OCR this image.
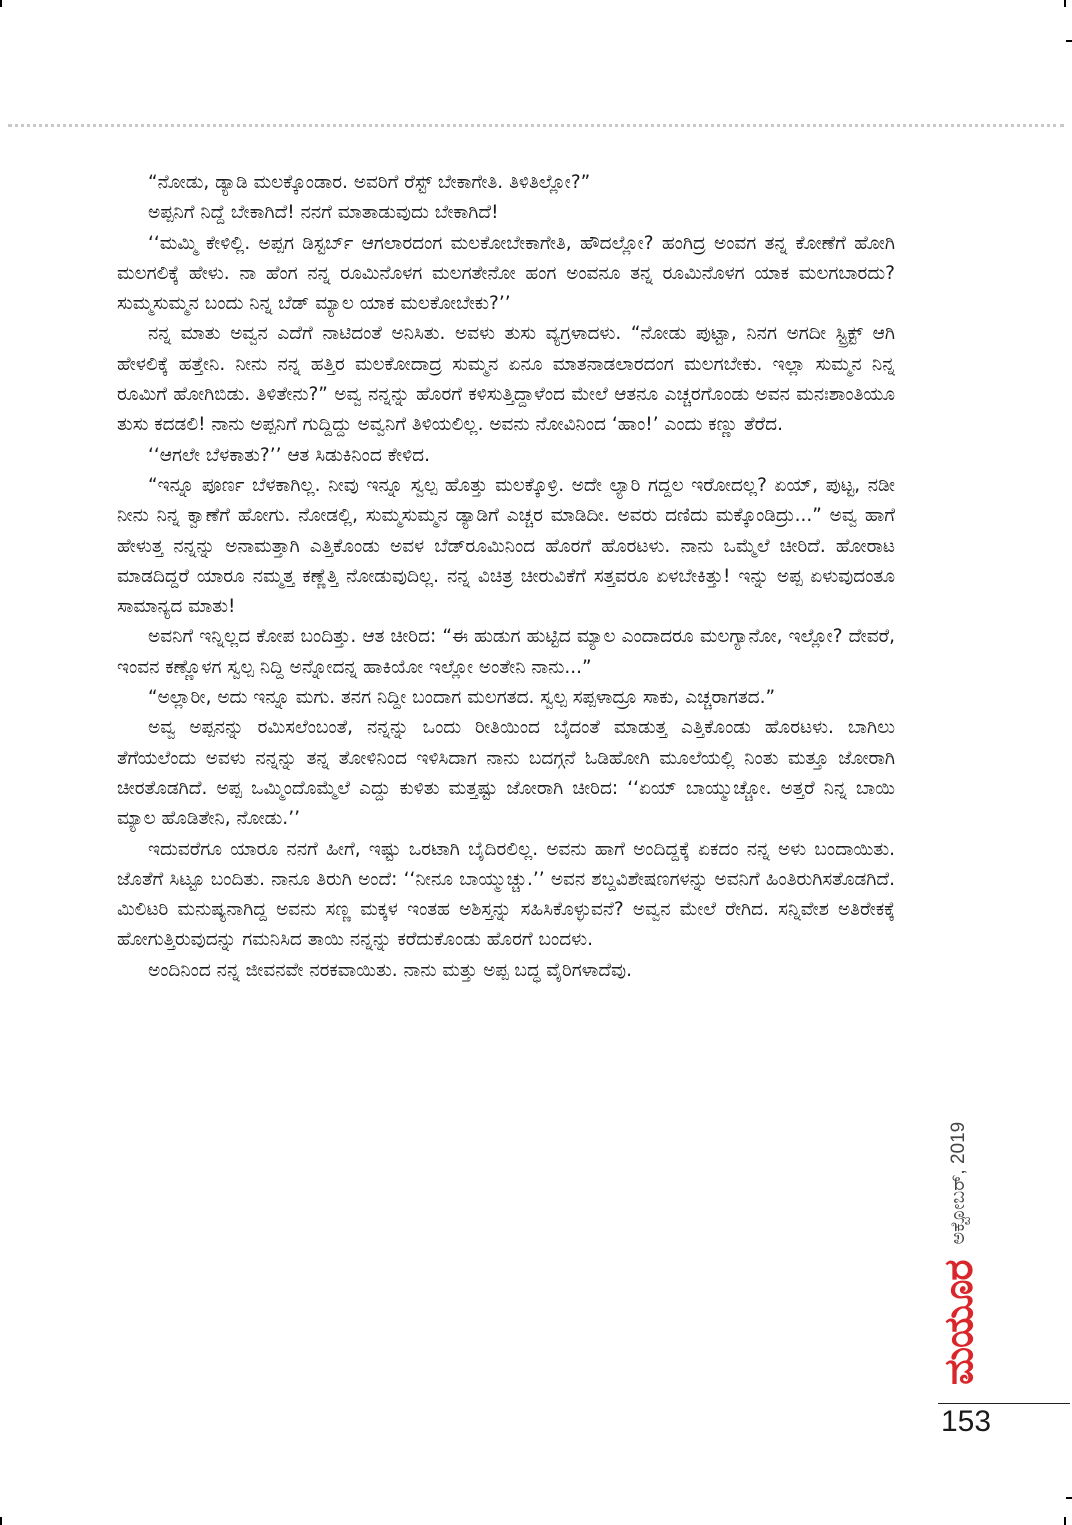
“ನೋಡು, ಡ್ಯಾಡಿ ಮಲಕ್ಕೊಂಡಾರ. ಅವರಿಗೆ ರೆಸ್ಟ್ ಬೇಕಾಗೇತಿ. ತಿಳಿತಿಲ್ಲೋ?”

ಅಪ್ಪನಿಗೆ ನಿದ್ದೆ ಬೇಕಾಗಿದೆ! ನನಗೆ ಮಾತಾಡುವುದು ಬೇಕಾಗಿದೆ!

‘‘ಮಮ್ಮಿ ಕೇಳಿಲ್ಲಿ. ಅಪ್ಪಗ ಡಿಸ್ಟರ್ಬ್ ಆಗಲಾರದಂಗ ಮಲಕೋಬೇಕಾಗೇತಿ, ಹೌದಲ್ಲೋ? ಹಂಗಿದ್ರ ಅಂವಗ ತನ್ನ ಕೋಣೆಗೆ ಹೋಗಿ ಮಲಗಲಿಕ್ಕೆ ಹೇಳು. ನಾ ಹೆಂಗ ನನ್ನ ರೂಮಿನೊಳಗ ಮಲಗತೇನೋ ಹಂಗ ಅಂವನೂ ತನ್ನ ರೂಮಿನೊಳಗ ಯಾಕ ಮಲಗಬಾರದು? ಸುಮ್ಮಸುಮ್ಮನ ಬಂದು ನಿನ್ನ ಬೆಡ್ ಮ್ಯಾಲ ಯಾಕ ಮಲಕೋಬೇಕು?’’

ನನ್ನ ಮಾತು ಅವ್ವನ ಎದೆಗೆ ನಾಟಿದಂತೆ ಅನಿಸಿತು. ಅವಳು ತುಸು ವ್ಯಗ್ರಳಾದಳು. “ನೋಡು ಪುಟ್ಟಾ, ನಿನಗ ಅಗದೀ ಸ್ಟ್ರಿಕ್ಟ್ ಆಗಿ ಹೇಳಲಿಕ್ಕೆ ಹತ್ತೇನಿ. ನೀನು ನನ್ನ ಹತ್ತಿರ ಮಲಕೋದಾದ್ರ ಸುಮ್ಮನ ಏನೂ ಮಾತನಾಡಲಾರದಂಗ ಮಲಗಬೇಕು. ಇಲ್ಲಾ ಸುಮ್ಮನ ನಿನ್ನ ರೂಮಿಗೆ ಹೋಗಿಬಿಡು. ತಿಳಿತೇನು?” ಅವ್ವ ನನ್ನನ್ನು ಹೊರಗೆ ಕಳಿಸುತ್ತಿದ್ದಾಳೆಂದ ಮೇಲೆ ಆತನೂ ಎಚ್ಚರಗೊಂಡು ಅವನ ಮನಃಶಾಂತಿಯೂ ತುಸು ಕದಡಲಿ! ನಾನು ಅಪ್ಪನಿಗೆ ಗುದ್ದಿದ್ದು ಅವ್ವನಿಗೆ ತಿಳಿಯಲಿಲ್ಲ. ಅವನು ನೋವಿನಿಂದ ‘ಹಾಂ!’ ಎಂದು ಕಣ್ಣು ತೆರೆದ.

‘‘ಆಗಲೇ ಬೆಳಕಾತು?’’ ಆತ ಸಿಡುಕಿನಿಂದ ಕೇಳಿದ.

“ಇನ್ನೂ ಪೂರ್ಣ ಬೆಳಕಾಗಿಲ್ಲ. ನೀವು ಇನ್ನೂ ಸ್ವಲ್ಪ ಹೊತ್ತು ಮಲಕ್ಕೊಳ್ರಿ. ಅದೇ ಲ್ಯಾರಿ ಗದ್ದಲ ಇರೋದಲ್ಲ? ಏಯ್, ಪುಟ್ಟ, ನಡೀ ನೀನು ನಿನ್ನ ಕ್ವಾಣೆಗೆ ಹೋಗು. ನೋಡಲ್ಲಿ, ಸುಮ್ಮಸುಮ್ಮನ ಡ್ಯಾಡಿಗೆ ಎಚ್ಚರ ಮಾಡಿದೀ. ಅವರು ದಣಿದು ಮಕ್ಕೊಂಡಿದ್ರು...” ಅವ್ವ ಹಾಗೆ ಹೇಳುತ್ತ ನನ್ನನ್ನು ಅನಾಮತ್ತಾಗಿ ಎತ್ತಿಕೊಂಡು ಅವಳ ಬೆಡ್‌ರೂಮಿನಿಂದ ಹೊರಗೆ ಹೊರಟಳು. ನಾನು ಒಮ್ಮೆಲೆ ಚೀರಿದೆ. ಹೋರಾಟ ಮಾಡದಿದ್ದರೆ ಯಾರೂ ನಮ್ಮತ್ತ ಕಣ್ಣೆತ್ತಿ ನೋಡುವುದಿಲ್ಲ. ನನ್ನ ವಿಚಿತ್ರ ಚೀರುವಿಕೆಗೆ ಸತ್ತವರೂ ಏಳಬೇಕಿತ್ತು! ಇನ್ನು ಅಪ್ಪ ಏಳುವುದಂತೂ ಸಾಮಾನ್ಯದ ಮಾತು!

ಅವನಿಗೆ ಇನ್ನಿಲ್ಲದ ಕೋಪ ಬಂದಿತ್ತು. ಆತ ಚೀರಿದ: “ಈ ಹುಡುಗ ಹುಟ್ಟಿದ ಮ್ಯಾಲ ಎಂದಾದರೂ ಮಲಗ್ಯಾನೋ, ಇಲ್ಲೋ? ದೇವರೆ, ಇಂವನ ಕಣ್ಣೊಳಗ ಸ್ವಲ್ಪ ನಿದ್ದಿ ಅನ್ನೋದನ್ನ ಹಾಕಿಯೋ ಇಲ್ಲೋ ಅಂತೇನಿ ನಾನು...”

“ಅಲ್ಲಾರೀ, ಅದು ಇನ್ನೂ ಮಗು. ತನಗ ನಿದ್ದೀ ಬಂದಾಗ ಮಲಗತದ. ಸ್ವಲ್ಪ ಸಪ್ಪಳಾದ್ರೂ ಸಾಕು, ಎಚ್ಚರಾಗತದ.”

ಅವ್ವ ಅಪ್ಪನನ್ನು ರಮಿಸಲೆಂಬಂತೆ, ನನ್ನನ್ನು ಒಂದು ರೀತಿಯಿಂದ ಬೈದಂತೆ ಮಾಡುತ್ತ ಎತ್ತಿಕೊಂಡು ಹೊರಟಳು. ಬಾಗಿಲು ತೆಗೆಯಲೆಂದು ಅವಳು ನನ್ನನ್ನು ತನ್ನ ತೋಳಿನಿಂದ ಇಳಿಸಿದಾಗ ನಾನು ಬದಗ್ಗನೆ ಓಡಿಹೋಗಿ ಮೂಲೆಯಲ್ಲಿ ನಿಂತು ಮತ್ತೂ ಜೋರಾಗಿ ಚೀರತೊಡಗಿದೆ. ಅಪ್ಪ ಒಮ್ಮಿಂದೊಮ್ಮೆಲೆ ಎದ್ದು ಕುಳಿತು ಮತ್ತಷ್ಟು ಜೋರಾಗಿ ಚೀರಿದ: ‘‘ಏಯ್ ಬಾಯ್ಮುಚ್ಚೋ. ಅತ್ತರೆ ನಿನ್ನ ಬಾಯಿ ಮ್ಯಾಲ ಹೊಡಿತೇನಿ, ನೋಡು.’’

ಇದುವರೆಗೂ ಯಾರೂ ನನಗೆ ಹೀಗೆ, ಇಷ್ಟು ಒರಟಾಗಿ ಬೈದಿರಲಿಲ್ಲ. ಅವನು ಹಾಗೆ ಅಂದಿದ್ದಕ್ಕೆ ಏಕದಂ ನನ್ನ ಅಳು ಬಂದಾಯಿತು. ಜೊತೆಗೆ ಸಿಟ್ಟೂ ಬಂದಿತು. ನಾನೂ ತಿರುಗಿ ಅಂದೆ: ‘‘ನೀನೂ ಬಾಯ್ಮುಚ್ಚು.’’ ಅವನ ಶಬ್ದವಿಶೇಷಣಗಳನ್ನು ಅವನಿಗೆ ಹಿಂತಿರುಗಿಸತೊಡಗಿದೆ. ಮಿಲಿಟರಿ ಮನುಷ್ಯನಾಗಿದ್ದ ಅವನು ಸಣ್ಣ ಮಕ್ಕಳ ಇಂತಹ ಅಶಿಸ್ತನ್ನು ಸಹಿಸಿಕೊಳ್ಳುವನೆ? ಅವ್ವನ ಮೇಲೆ ರೇಗಿದ. ಸನ್ನಿವೇಶ ಅತಿರೇಕಕ್ಕೆ ಹೋಗುತ್ತಿರುವುದನ್ನು ಗಮನಿಸಿದ ತಾಯಿ ನನ್ನನ್ನು ಕರೆದುಕೊಂಡು ಹೊರಗೆ ಬಂದಳು.

ಅಂದಿನಿಂದ ನನ್ನ ಜೀವನವೇ ನರಕವಾಯಿತು. ನಾನು ಮತ್ತು ಅಪ್ಪ ಬದ್ಧ ವೈರಿಗಳಾದೆವು.

ಮಯೂರ
ಅಕ್ಟೋಬರ್, 2019
153
